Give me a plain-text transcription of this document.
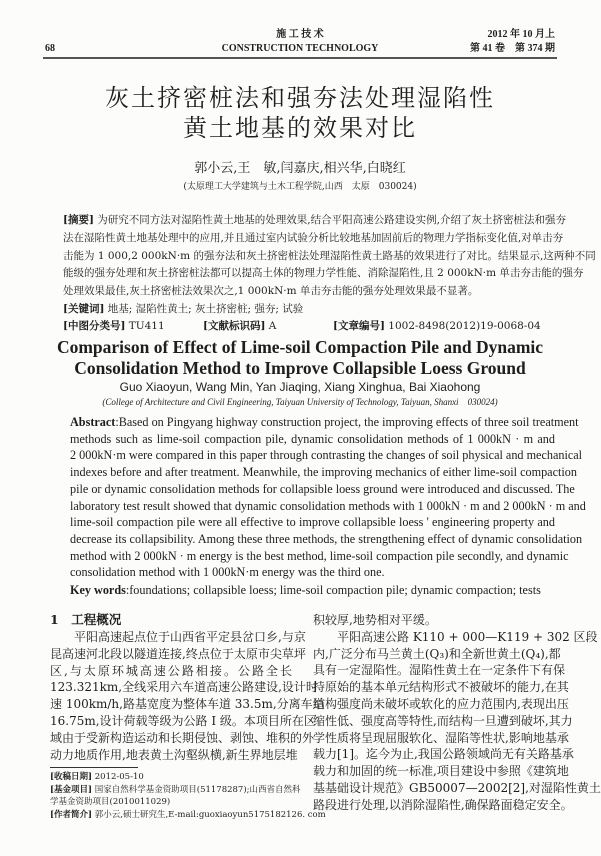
68
施 工 技 术
CONSTRUCTION TECHNOLOGY
2012 年 10 月上
第 41 卷　第 374 期
灰土挤密桩法和强夯法处理湿陷性
黄土地基的效果对比
郭小云,王　敏,闫嘉庆,相兴华,白晓红
(太原理工大学建筑与土木工程学院,山西　太原　030024)
[摘要] 为研究不同方法对湿陷性黄土地基的处理效果,结合平阳高速公路建设实例,介绍了灰土挤密桩法和强夯
法在湿陷性黄土地基处理中的应用,并且通过室内试验分析比较地基加固前后的物理力学指标变化值,对单击夯
击能为 1 000,2 000kN·m 的强夯法和灰土挤密桩法处理湿陷性黄土路基的效果进行了对比。结果显示,这两种不同
能级的强夯处理和灰土挤密桩法都可以提高土体的物理力学性能、消除湿陷性,且 2 000kN·m 单击夯击能的强夯
处理效果最佳,灰土挤密桩法效果次之,1 000kN·m 单击夯击能的强夯处理效果最不显著。
[关键词] 地基; 湿陷性黄土; 灰土挤密桩; 强夯; 试验
[中图分类号] TU411	[文献标识码] A	[文章编号] 1002-8498(2012)19-0068-04
Comparison of Effect of Lime-soil Compaction Pile and Dynamic
Consolidation Method to Improve Collapsible Loess Ground
Guo Xiaoyun, Wang Min, Yan Jiaqing, Xiang Xinghua, Bai Xiaohong
(College of Architecture and Civil Engineering, Taiyuan University of Technology, Taiyuan, Shanxi　030024)
Abstract:Based on Pingyang highway construction project, the improving effects of three soil treatment
methods such as lime-soil compaction pile, dynamic consolidation methods of 1 000kN · m and
2 000kN·m were compared in this paper through contrasting the changes of soil physical and mechanical
indexes before and after treatment. Meanwhile, the improving mechanics of either lime-soil compaction
pile or dynamic consolidation methods for collapsible loess ground were introduced and discussed. The
laboratory test result showed that dynamic consolidation methods with 1 000kN · m and 2 000kN · m and
lime-soil compaction pile were all effective to improve collapsible loess ' engineering property and
decrease its collapsibility. Among these three methods, the strengthening effect of dynamic consolidation
method with 2 000kN · m energy is the best method, lime-soil compaction pile secondly, and dynamic
consolidation method with 1 000kN·m energy was the third one.
Key words:foundations; collapsible loess; lime-soil compaction pile; dynamic compaction; tests
1　工程概况
　　平阳高速起点位于山西省平定县岔口乡,与京
昆高速河北段以隧道连接,终点位于太原市尖草坪
区,与太原环城高速公路相接。公路全长
123.321km,全线采用六车道高速公路建设,设计时
速 100km/h,路基宽度为整体车道 33.5m,分离车道
16.75m,设计荷载等级为公路 I 级。本项目所在区
域由于受新构造运动和长期侵蚀、剥蚀、堆积的外
动力地质作用,地表黄土沟壑纵横,新生界地层堆
积较厚,地势相对平缓。
　　平阳高速公路 K110 + 000—K119 + 302 区段
内,广泛分布马兰黄土(Q₃)和全新世黄土(Q₄),都
具有一定湿陷性。湿陷性黄土在一定条件下有保
持原始的基本单元结构形式不被破坏的能力,在其
结构强度尚未破坏或软化的应力范围内,表现出压
缩性低、强度高等特性,而结构一旦遭到破坏,其力
学性质将呈现屈服软化、湿陷等性状,影响地基承
载力[1]。迄今为止,我国公路领域尚无有关路基承
载力和加固的统一标准,项目建设中参照《建筑地
基基础设计规范》GB50007—2002[2],对湿陷性黄土
路段进行处理,以消除湿陷性,确保路面稳定安全。
[收稿日期] 2012-05-10
[基金项目] 国家自然科学基金资助项目(51178287);山西省自然科
学基金资助项目(2010011029)
[作者简介] 郭小云,硕士研究生,E-mail:guoxiaoyun5175182126. com
